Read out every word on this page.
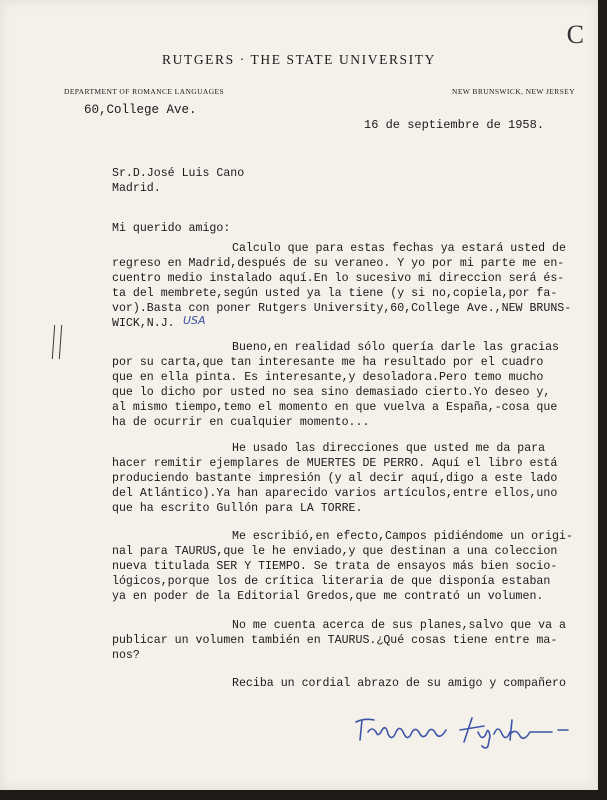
C
RUTGERS · THE STATE UNIVERSITY
DEPARTMENT OF ROMANCE LANGUAGES	NEW BRUNSWICK, NEW JERSEY
60,College Ave.
16 de septiembre de 1958.
Sr.D.José Luis Cano
Madrid.
Mi querido amigo:
Calculo que para estas fechas ya estará usted de
regreso en Madrid,después de su veraneo. Y yo por mi parte me en-
cuentro medio instalado aquí.En lo sucesivo mi direccion será és-
ta del membrete,según usted ya la tiene (y si no,copiela,por fa-
vor).Basta con poner Rutgers University,60,College Ave.,NEW BRUNS-
WICK,N.J. USA
Bueno,en realidad sólo quería darle las gracias
por su carta,que tan interesante me ha resultado por el cuadro
que en ella pinta. Es interesante,y desoladora.Pero temo mucho
que lo dicho por usted no sea sino demasiado cierto.Yo deseo y,
al mismo tiempo,temo el momento en que vuelva a España,-cosa que
ha de ocurrir en cualquier momento...
He usado las direcciones que usted me da para
hacer remitir ejemplares de MUERTES DE PERRO. Aquí el libro está
produciendo bastante impresión (y al decir aquí,digo a este lado
del Atlántico).Ya han aparecido varios artículos,entre ellos,uno
que ha escrito Gullón para LA TORRE.
Me escribió,en efecto,Campos pidiéndome un origi-
nal para TAURUS,que le he enviado,y que destinan a una coleccion
nueva titulada SER Y TIEMPO. Se trata de ensayos más bien socio-
lógicos,porque los de crítica literaria de que disponía estaban
ya en poder de la Editorial Gredos,que me contrató un volumen.
No me cuenta acerca de sus planes,salvo que va a
publicar un volumen también en TAURUS.¿Qué cosas tiene entre ma-
nos?
Reciba un cordial abrazo de su amigo y compañero
